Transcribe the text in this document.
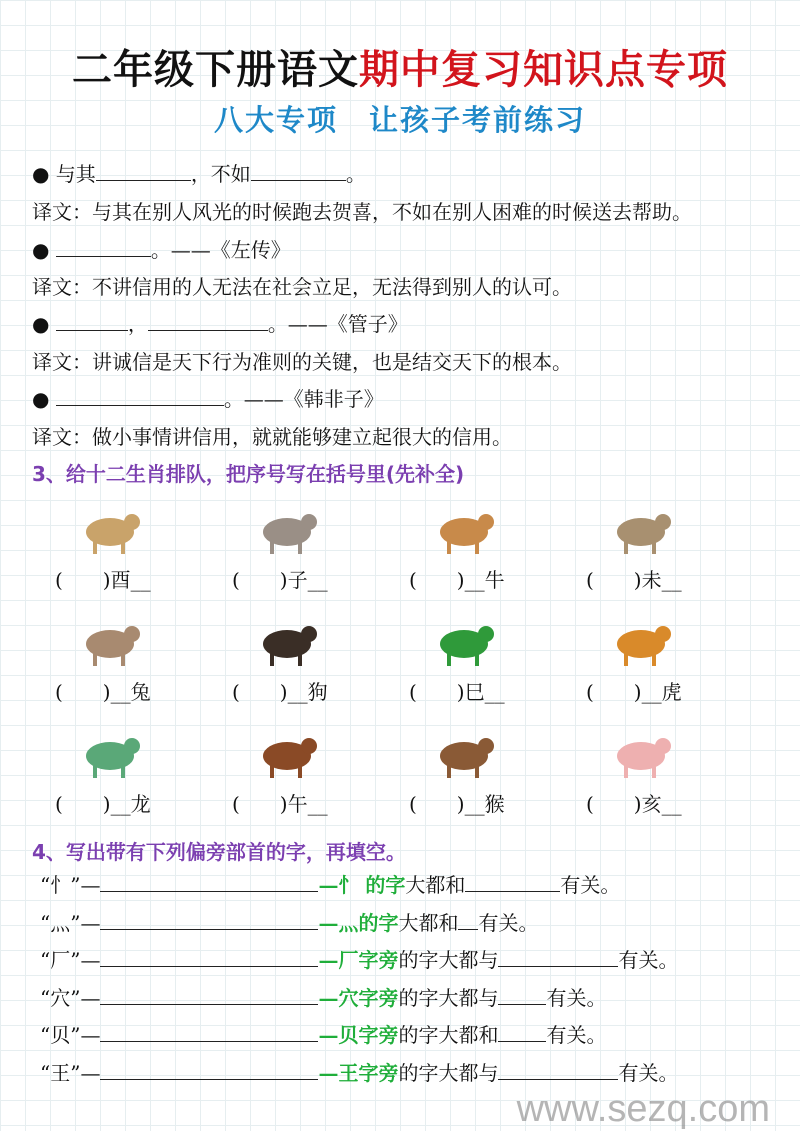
二年级下册语文期中复习知识点专项
八大专项　让孩子考前练习
● 与其	，不如	。
译文：与其在别人风光的时候跑去贺喜，不如在别人困难的时候送去帮助。
●	。——《左传》
译文：不讲信用的人无法在社会立足，无法得到别人的认可。
●	，	。——《管子》
译文：讲诚信是天下行为准则的关键，也是结交天下的根本。
●	。——《韩非子》
译文：做小事情讲信用，就就能够建立起很大的信用。
3、给十二生肖排队，把序号写在括号里(先补全)
(　　)酉__	(　　)子__	(　　)__牛	(　　)未__
(　　)__兔	(　　)__狗	(　　)巳__	(　　)__虎
(　　)__龙	(　　)午__	(　　)__猴	(　　)亥__
4、写出带有下列偏旁部首的字，再填空。
“忄”—	—忄 的字大都和	有关。
“灬”—	—灬的字大都和 有关。
“厂”—	—厂字旁的字大都与	有关。
“穴”—	—穴字旁的字大都与 有关。
“贝”—	—贝字旁的字大都和 有关。
“王”—	—王字旁的字大都与	有关。
www.sezq.com
